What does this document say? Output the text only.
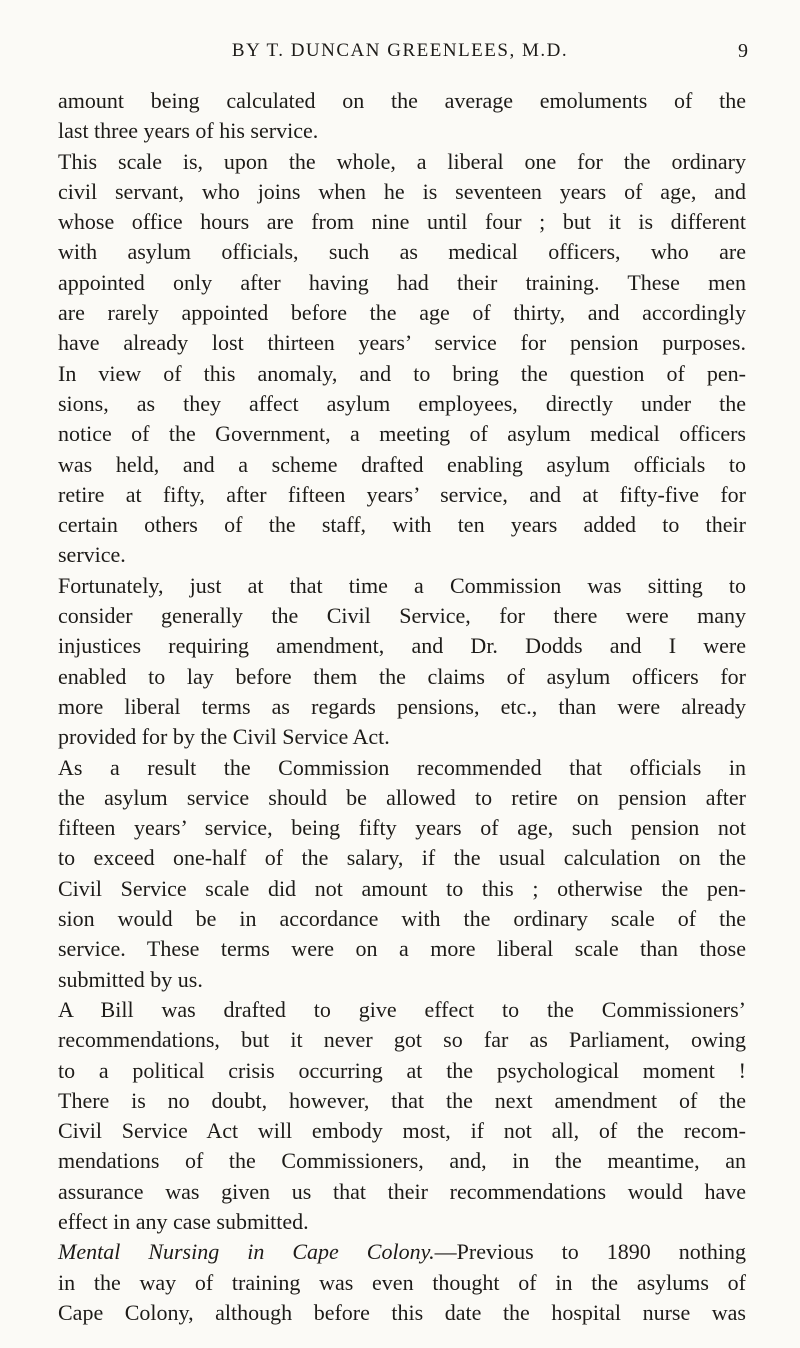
BY T. DUNCAN GREENLEES, M.D.	9
amount being calculated on the average emoluments of the
last three years of his service.
This scale is, upon the whole, a liberal one for the ordinary
civil servant, who joins when he is seventeen years of age, and
whose office hours are from nine until four ; but it is different
with asylum officials, such as medical officers, who are
appointed only after having had their training. These men
are rarely appointed before the age of thirty, and accordingly
have already lost thirteen years’ service for pension purposes.
In view of this anomaly, and to bring the question of pen-
sions, as they affect asylum employees, directly under the
notice of the Government, a meeting of asylum medical officers
was held, and a scheme drafted enabling asylum officials to
retire at fifty, after fifteen years’ service, and at fifty-five for
certain others of the staff, with ten years added to their
service.
Fortunately, just at that time a Commission was sitting to
consider generally the Civil Service, for there were many
injustices requiring amendment, and Dr. Dodds and I were
enabled to lay before them the claims of asylum officers for
more liberal terms as regards pensions, etc., than were already
provided for by the Civil Service Act.
As a result the Commission recommended that officials in
the asylum service should be allowed to retire on pension after
fifteen years’ service, being fifty years of age, such pension not
to exceed one-half of the salary, if the usual calculation on the
Civil Service scale did not amount to this ; otherwise the pen-
sion would be in accordance with the ordinary scale of the
service. These terms were on a more liberal scale than those
submitted by us.
A Bill was drafted to give effect to the Commissioners’
recommendations, but it never got so far as Parliament, owing
to a political crisis occurring at the psychological moment !
There is no doubt, however, that the next amendment of the
Civil Service Act will embody most, if not all, of the recom-
mendations of the Commissioners, and, in the meantime, an
assurance was given us that their recommendations would have
effect in any case submitted.
Mental Nursing in Cape Colony.—Previous to 1890 nothing
in the way of training was even thought of in the asylums of
Cape Colony, although before this date the hospital nurse was
